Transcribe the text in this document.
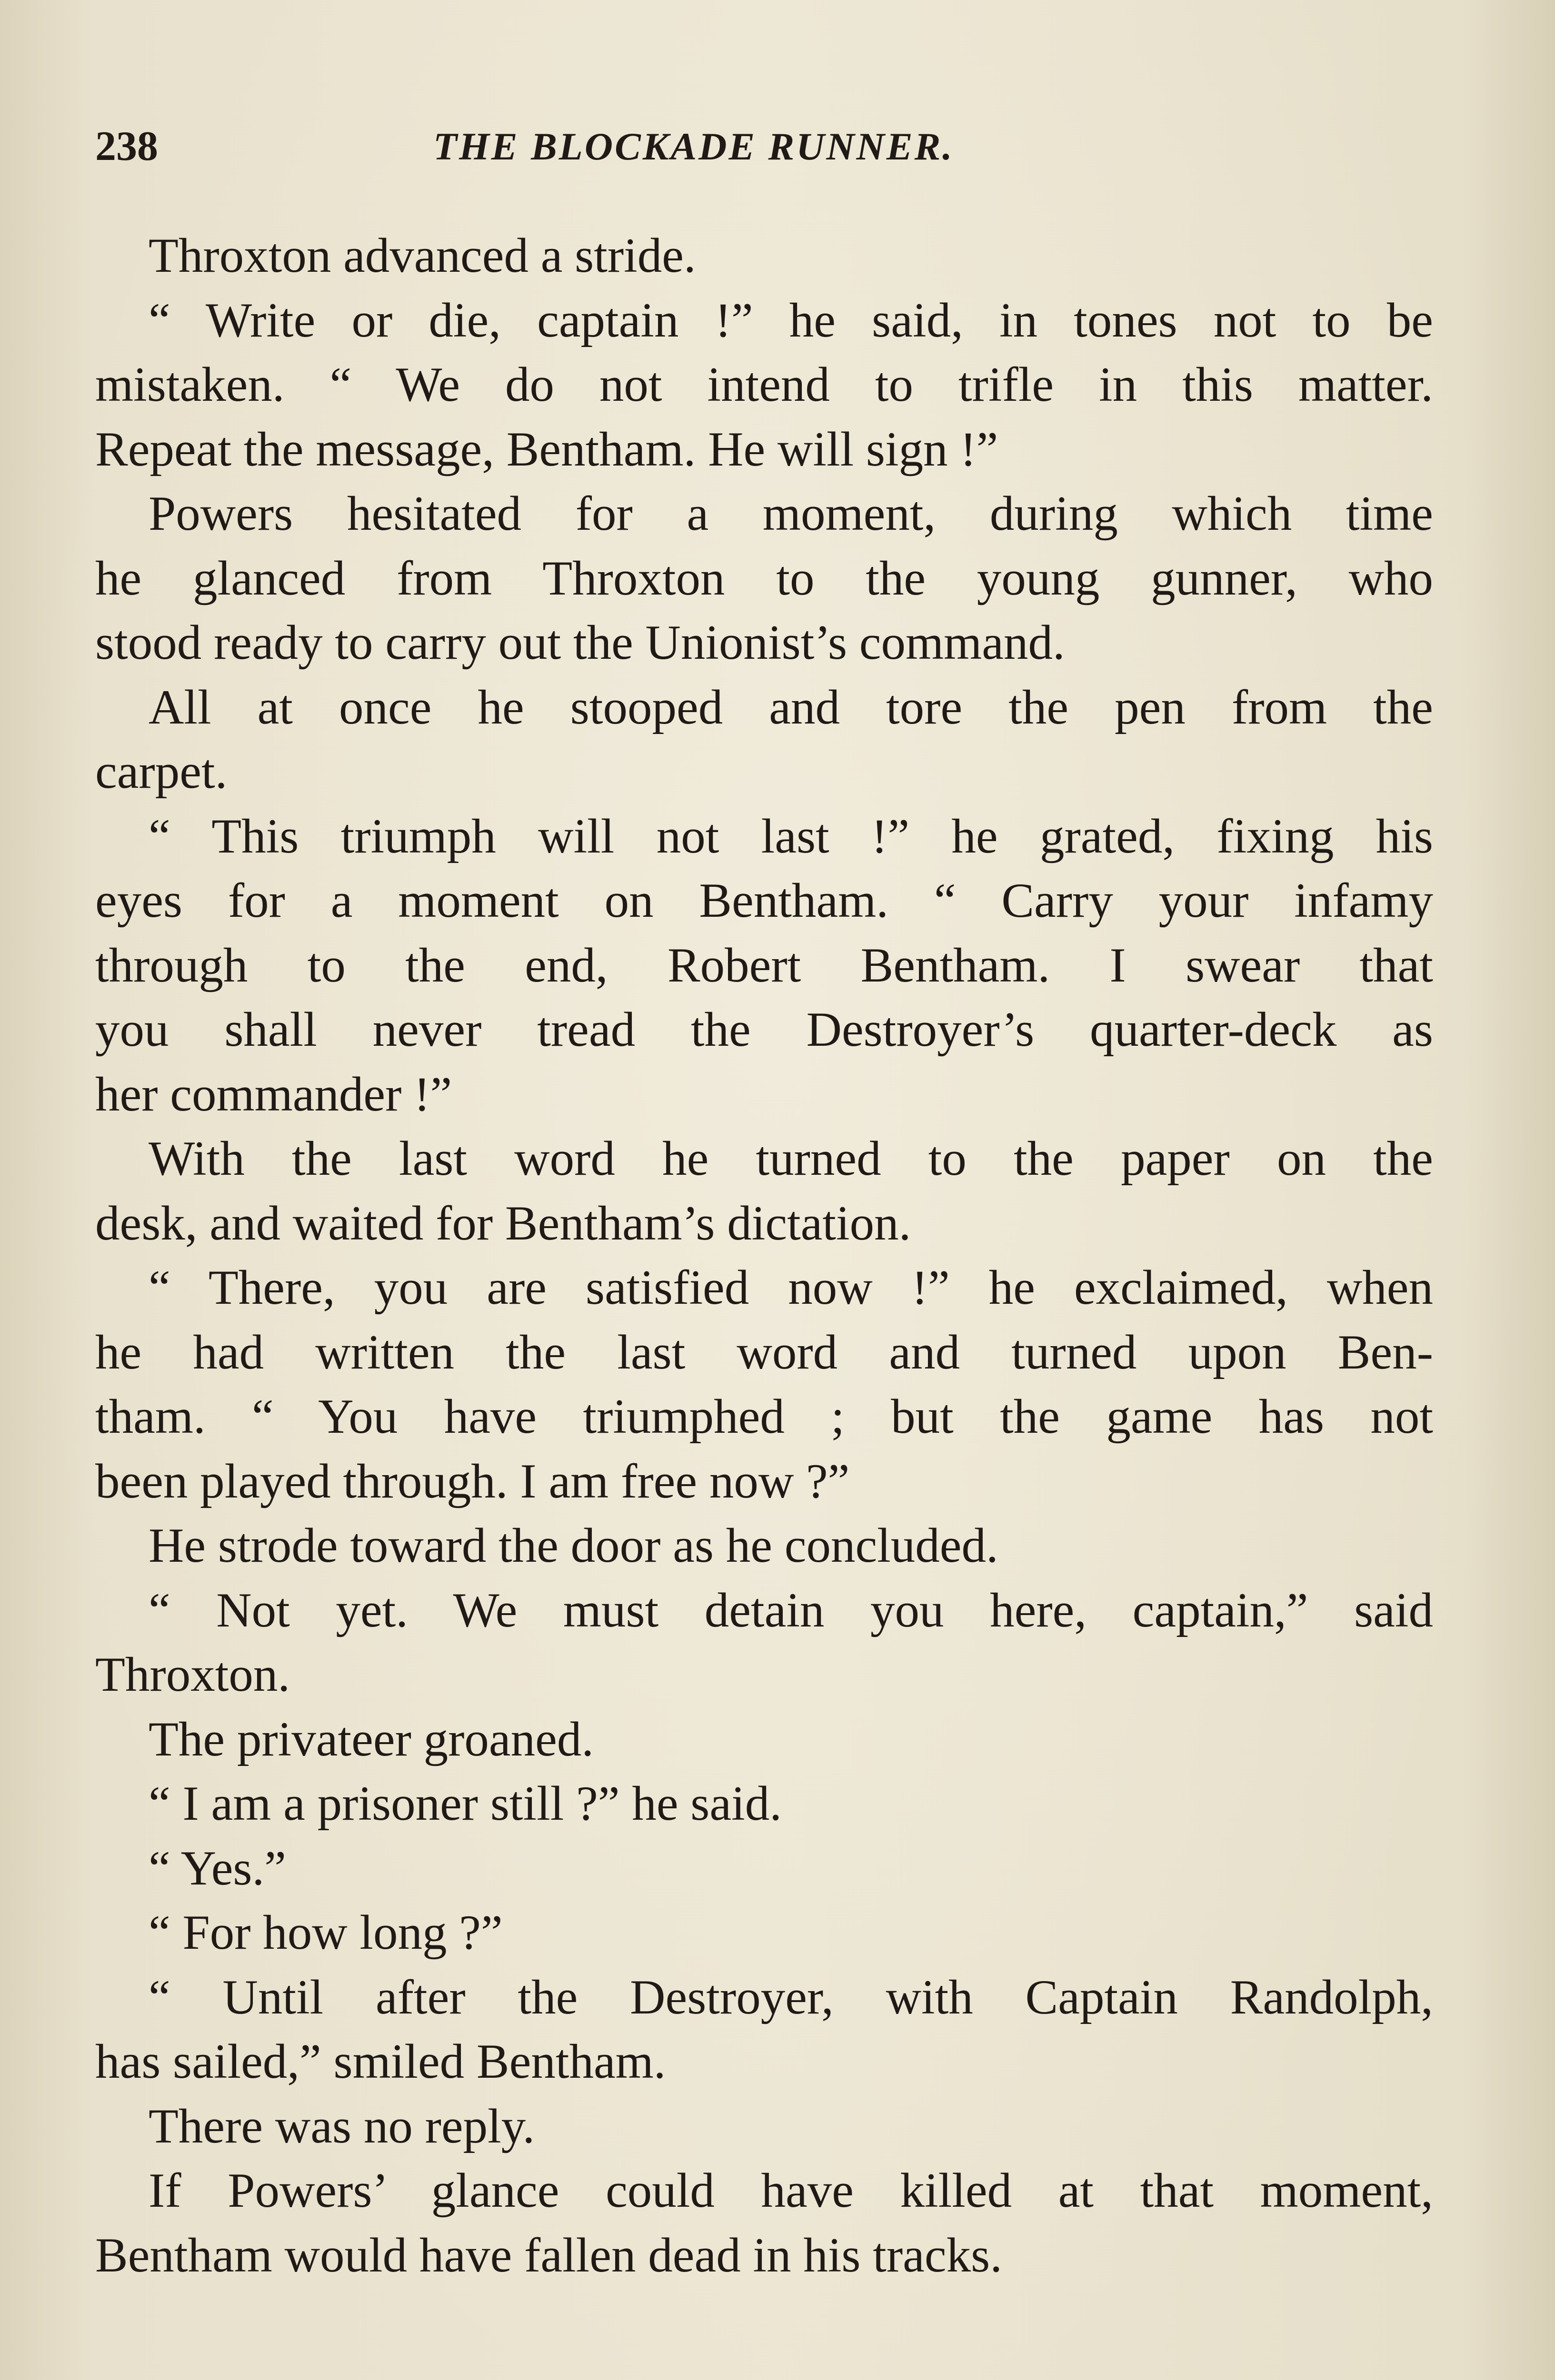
238	THE BLOCKADE RUNNER.
Throxton advanced a stride.
“ Write or die, captain !” he said, in tones not to be
mistaken. “ We do not intend to trifle in this matter.
Repeat the message, Bentham. He will sign !”
Powers hesitated for a moment, during which time
he glanced from Throxton to the young gunner, who
stood ready to carry out the Unionist’s command.
All at once he stooped and tore the pen from the
carpet.
“ This triumph will not last !” he grated, fixing his
eyes for a moment on Bentham. “ Carry your infamy
through to the end, Robert Bentham. I swear that
you shall never tread the Destroyer’s quarter-deck as
her commander !”
With the last word he turned to the paper on the
desk, and waited for Bentham’s dictation.
“ There, you are satisfied now !” he exclaimed, when
he had written the last word and turned upon Ben-
tham. “ You have triumphed ; but the game has not
been played through. I am free now ?”
He strode toward the door as he concluded.
“ Not yet. We must detain you here, captain,” said
Throxton.
The privateer groaned.
“ I am a prisoner still ?” he said.
“ Yes.”
“ For how long ?”
“ Until after the Destroyer, with Captain Randolph,
has sailed,” smiled Bentham.
There was no reply.
If Powers’ glance could have killed at that moment,
Bentham would have fallen dead in his tracks.
